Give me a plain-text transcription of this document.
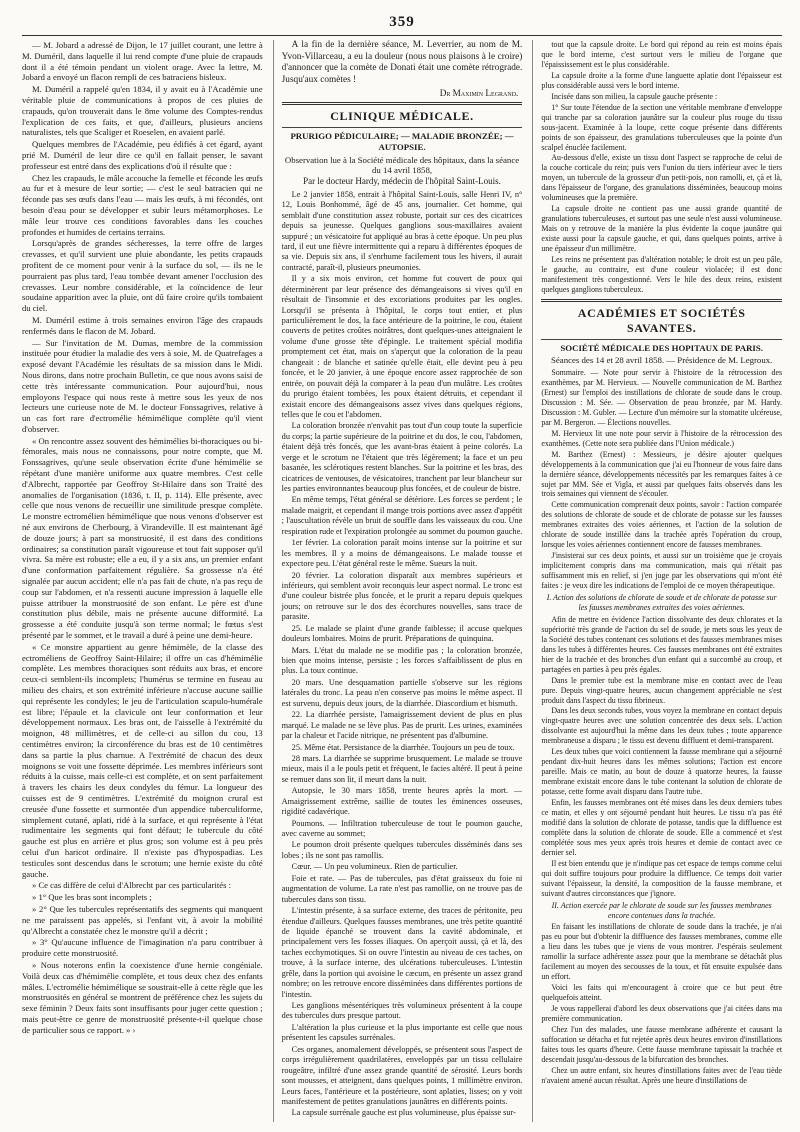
359

— M. Jobard a adressé de Dijon, le 17 juillet courant, une lettre à M. Duméril, dans laquelle il lui rend compte d'une pluie de crapauds dont il a été témoin pendant un violent orage. Avec la lettre, M. Jobard a envoyé un flacon rempli de ces batraciens bisleux.

M. Duméril a rappelé qu'en 1834, il y avait eu à l'Académie une véritable pluie de communications à propos de ces pluies de crapauds, qu'on trouverait dans le 8me volume des Comptes-rendus l'explication de ces faits, et que, d'ailleurs, plusieurs anciens naturalistes, tels que Scaliger et Roeselen, en avaient parlé.

Quelques membres de l'Académie, peu édifiés à cet égard, ayant prié M. Duméril de leur dire ce qu'il en fallait penser, le savant professeur est entré dans des explications d'où il résulte que :

Chez les crapauds, le mâle accouche la femelle et féconde les œufs au fur et à mesure de leur sortie; — c'est le seul batracien qui ne féconde pas ses œufs dans l'eau — mais les œufs, à mi fécondés, ont besoin d'eau pour se développer et subir leurs métamorphoses. Le mâle leur trouve ces conditions favorables dans les couches profondes et humides de certains terrains.

Lorsqu'après de grandes sécheresses, la terre offre de larges crevasses, et qu'il survient une pluie abondante, les petits crapauds profitent de ce moment pour venir à la surface du sol, — ils ne le pourraient pas plus tard, l'eau tombée devant amener l'occlusion des crevasses. Leur nombre considérable, et la coïncidence de leur soudaine apparition avec la pluie, ont dû faire croire qu'ils tombaient du ciel.

M. Duméril estime à trois semaines environ l'âge des crapauds renfermés dans le flacon de M. Jobard.

— Sur l'invitation de M. Dumas, membre de la commission instituée pour étudier la maladie des vers à soie, M. de Quatrefages a exposé devant l'Académie les résultats de sa mission dans le Midi. Nous dirons, dans notre prochain Bulletin, ce que nous avons saisi de cette très intéressante communication. Pour aujourd'hui, nous employons l'espace qui nous reste à mettre sous les yeux de nos lecteurs une curieuse note de M. le docteur Fonssagrives, relative à un cas fort rare d'ectromélie hémimélique complète qu'il vient d'observer.

« On rencontre assez souvent des hémimélies bi-thoraciques ou bi-fémorales, mais nous ne connaissons, pour notre compte, que M. Fonssagrives, qu'une seule observation écrite d'une hémimélie se répétant d'une manière uniforme aux quatre membres. C'est celle d'Albrecht, rapportée par Geoffroy St-Hilaire dans son Traité des anomalies de l'organisation (1836, t. II, p. 114). Elle présente, avec celle que nous venons de recueillir une similitude presque complète. Le monstre ectromélien hémimélique que nous venons d'observer est né aux environs de Cherbourg, à Virandeville. Il est maintenant âgé de douze jours; à part sa monstruosité, il est dans des conditions ordinaires; sa constitution paraît vigoureuse et tout fait supposer qu'il vivra. Sa mère est robuste; elle a eu, il y a six ans, un premier enfant d'une conformation parfaitement régulière. Sa grossesse n'a été signalée par aucun accident; elle n'a pas fait de chute, n'a pas reçu de coup sur l'abdomen, et n'a ressenti aucune impression à laquelle elle puisse attribuer la monstruosité de son enfant. Le père est d'une constitution plus débile, mais ne présente aucune difformité. La grossesse a été conduite jusqu'à son terme normal; le fœtus s'est présenté par le sommet, et le travail a duré à peine une demi-heure.

« Ce monstre appartient au genre hémimèle, de la classe des ectroméliens de Geoffroy Saint-Hilaire; il offre un cas d'hémimélie complète. Les membres thoraciques sont réduits aux bras, et encore ceux-ci semblent-ils incomplets; l'humérus se termine en fuseau au milieu des chairs, et son extrémité inférieure n'accuse aucune saillie qui représente les condyles; le jeu de l'articulation scapulo-humérale est libre; l'épaule et la clavicule ont leur conformation et leur développement normaux. Les bras ont, de l'aisselle à l'extrémité du moignon, 48 millimètres, et de celle-ci au sillon du cou, 13 centimètres environ; la circonférence du bras est de 10 centimètres dans sa partie la plus charnue. A l'extrémité de chacun des deux moignons se voit une fossette déprimée. Les membres inférieurs sont réduits à la cuisse, mais celle-ci est complète, et on sent parfaitement à travers les chairs les deux condyles du fémur. La longueur des cuisses est de 9 centimètres. L'extrémité du moignon crural est creusée d'une fossette et surmontée d'un appendice tuberculiforme, simplement cutané, aplati, ridé à la surface, et qui représente à l'état rudimentaire les segments qui font défaut; le tubercule du côté gauche est plus en arrière et plus gros; son volume est à peu près celui d'un haricot ordinaire. Il n'existe pas d'hypospadias. Les testicules sont descendus dans le scrotum; une hernie existe du côté gauche.

» Ce cas diffère de celui d'Albrecht par ces particularités :

» 1° Que les bras sont incomplets ;

» 2° Que les tubercules représentatifs des segments qui manquent ne me paraissent pas appelés, si l'enfant vit, à avoir la mobilité qu'Albrecht a constatée chez le monstre qu'il a décrit ;

» 3° Qu'aucune influence de l'imagination n'a paru contribuer à produire cette monstruosité.

» Nous noterons enfin la coexistence d'une hernie congéniale. Voilà deux cas d'hémimélie complète, et tous deux chez des enfants mâles. L'ectromélie hémimélique se soustrait-elle à cette règle que les monstruosités en général se montrent de préférence chez les sujets du sexe féminin ? Deux faits sont insuffisants pour juger cette question ; mais peut-être ce genre de monstruosité présente-t-il quelque chose de particulier sous ce rapport. » ›

A la fin de la dernière séance, M. Leverrier, au nom de M. Yvon-Villarceau, a eu la douleur (nous nous plaisons à le croire) d'annoncer que la comète de Donati était une comète rétrograde. Jusqu'aux comètes !

Dr Maximin Legrand.
CLINIQUE MÉDICALE.
PRURIGO PÉDICULAIRE; — MALADIE BRONZÉE; — AUTOPSIE.
Observation lue à la Société médicale des hôpitaux, dans la séance du 14 avril 1858,
Par le docteur Hardy, médecin de l'hôpital Saint-Louis.

Le 2 janvier 1858, entrait à l'hôpital Saint-Louis, salle Henri IV, n° 12, Louis Bonhommé, âgé de 45 ans, journalier. Cet homme, qui semblait d'une constitution assez robuste, portait sur ces des cicatrices depuis sa jeunesse. Quelques ganglions sous-maxillaires avaient suppuré ; un vésicatoire fut appliqué au bras à cette époque. Un peu plus tard, il eut une fièvre intermittente qui a reparu à différentes époques de sa vie. Depuis six ans, il s'enrhume facilement tous les hivers, il aurait contracté, paraît-il, plusieurs pneumonies.

Il y a six mois environ, cet homme fut couvert de poux qui déterminèrent par leur présence des démangeaisons si vives qu'il en résultait de l'insomnie et des excoriations produites par les ongles. Lorsqu'il se présenta à l'hôpital, le corps tout entier, et plus particulièrement le dos, la face antérieure de la poitrine, le cou, étaient couverts de petites croûtes noirâtres, dont quelques-unes atteignaient le volume d'une grosse tête d'épingle. Le traitement spécial modifia promptement cet état, mais on s'aperçut que la coloration de la peau changeait : de blanche et satinée qu'elle était, elle devint peu à peu foncée, et le 20 janvier, à une époque encore assez rapprochée de son entrée, on pouvait déjà la comparer à la peau d'un mulâtre. Les croûtes du prurigo étaient tombées, les poux étaient détruits, et cependant il existait encore des démangeaisons assez vives dans quelques régions, telles que le cou et l'abdomen.

La coloration bronzée n'envahit pas tout d'un coup toute la superficie du corps; la partie supérieure de la poitrine et du dos, le cou, l'abdomen, étaient déjà très foncés, que les avant-bras étaient à peine colorés. La verge et le scrotum ne l'étaient que très légèrement; la face et un peu basanée, les sclérotiques restent blanches. Sur la poitrine et les bras, des cicatrices de ventouses, de vésicatoires, tranchent par leur blancheur sur les parties environnantes beaucoup plus foncées, et de couleur de bistre.

En même temps, l'état général se détériore. Les forces se perdent ; le malade maigrit, et cependant il mange trois portions avec assez d'appétit ; l'auscultation révèle un bruit de souffle dans les vaisseaux du cou. Une respiration rude et l'expiration prolongée au sommet du poumon gauche.

1er février. La coloration paraît moins intense sur la poitrine et sur les membres. Il y a moins de démangeaisons. Le malade tousse et expectore peu. L'état général reste le même. Sueurs la nuit.

20 février. La coloration disparaît aux membres supérieurs et inférieurs, qui semblent avoir reconquis leur aspect normal. Le tronc est d'une couleur bistrée plus foncée, et le prurit a reparu depuis quelques jours; on retrouve sur le dos des écorchures nouvelles, sans trace de parasite.

25. Le malade se plaint d'une grande faiblesse; il accuse quelques douleurs lombaires. Moins de prurit. Préparations de quinquina.

Mars. L'état du malade ne se modifie pas ; la coloration bronzée, bien que moins intense, persiste ; les forces s'affaiblissent de plus en plus. La toux continue.

20 mars. Une desquamation partielle s'observe sur les régions latérales du tronc. La peau n'en conserve pas moins le même aspect. Il est survenu, depuis deux jours, de la diarrhée. Diascordium et bismuth.

22. La diarrhée persiste, l'amaigrissement devient de plus en plus marqué. Le malade ne se lève plus. Pas de prurit. Les urines, examinées par la chaleur et l'acide nitrique, ne présentent pas d'albumine.

25. Même état. Persistance de la diarrhée. Toujours un peu de toux.

28 mars. La diarrhée se supprime brusquement. Le malade se trouve mieux, mais il a le pouls petit et fréquent, le facies altéré. Il peut à peine se remuer dans son lit, il meurt dans la nuit.

Autopsie, le 30 mars 1858, trente heures après la mort. — Amaigrissement extrême, saillie de toutes les éminences osseuses, rigidité cadavérique.

Poumons. — Infiltration tuberculeuse de tout le poumon gauche, avec caverne au sommet;

Le poumon droit présente quelques tubercules disséminés dans ses lobes ; ils ne sont pas ramollis.

Cœur. — Un peu volumineux. Rien de particulier.

Foie et rate. — Pas de tubercules, pas d'état graisseux du foie ni augmentation de volume. La rate n'est pas ramollie, on ne trouve pas de tubercules dans son tissu.

L'intestin présente, à sa surface externe, des traces de péritonite, peu étendue d'ailleurs. Quelques fausses membranes, une très petite quantité de liquide épanché se trouvent dans la cavité abdominale, et principalement vers les fosses iliaques. On aperçoit aussi, çà et là, des taches ecchymotiques. Si on ouvre l'intestin au niveau de ces taches, on trouve, à la surface interne, des ulcérations tuberculeuses. L'intestin grêle, dans la portion qui avoisine le cæcum, en présente un assez grand nombre; on les retrouve encore disséminées dans différentes portions de l'intestin.

Les ganglions mésentériques très volumineux présentent à la coupe des tubercules durs presque partout.

L'altération la plus curieuse et la plus importante est celle que nous présentent les capsules surrénales.

Ces organes, anomalement développés, se présentent sous l'aspect de corps irrégulièrement quadrilatères, enveloppés par un tissu cellulaire rougeâtre, infiltré d'une assez grande quantité de sérosité. Leurs bords sont mousses, et atteignent, dans quelques points, 1 millimètre environ. Leurs faces, l'antérieure et la postérieure, sont aplaties, lisses; on y voit manifestement de petites granulations jaunâtres en différents points.

La capsule surrénale gauche est plus volumineuse, plus épaisse sur-

tout que la capsule droite. Le bord qui répond au rein est moins épais que le bord interne, c'est surtout vers le milieu de l'organe que l'épaississement est le plus considérable.

La capsule droite a la forme d'une languette aplatie dont l'épaisseur est plus considérable aussi vers le bord interne.

Incisée dans son milieu, la capsule gauche présente :

1° Sur toute l'étendue de la section une véritable membrane d'enveloppe qui tranche par sa coloration jaunâtre sur la couleur plus rouge du tissu sous-jacent. Examinée à la loupe, cette coque présente dans différents points de son épaisseur, des granulations tuberculeuses que la pointe d'un scalpel énuclée facilement.

Au-dessous d'elle, existe un tissu dont l'aspect se rapproche de celui de la couche corticale du rein; puis vers l'union du tiers inférieur avec le tiers moyen, un tubercule de la grosseur d'un petit-pois, non ramolli, et, çà et là, dans l'épaisseur de l'organe, des granulations disséminées, beaucoup moins volumineuses que la première.

La capsule droite ne contient pas une aussi grande quantité de granulations tuberculeuses, et surtout pas une seule n'est aussi volumineuse. Mais on y retrouve de la manière la plus évidente la coque jaunâtre qui existe aussi pour la capsule gauche, et qui, dans quelques points, arrive à une épaisseur d'un millimètre.

Les reins ne présentent pas d'altération notable; le droit est un peu pâle, le gauche, au contraire, est d'une couleur violacée; il est donc manifestement très congestionné. Vers le hile des deux reins, existent quelques ganglions tuberculeux.

ACADÉMIES ET SOCIÉTÉS SAVANTES.
SOCIÉTÉ MÉDICALE DES HOPITAUX DE PARIS.
Séances des 14 et 28 avril 1858. — Présidence de M. Legroux.

Sommaire. — Note pour servir à l'histoire de la rétrocession des exanthèmes, par M. Hervieux. — Nouvelle communication de M. Barthez (Ernest) sur l'emploi des instillations de chlorate de soude dans le croup. Discussion : M. Sée. — Observation de peau bronzée, par M. Hardy. Discussion : M. Gubler. — Lecture d'un mémoire sur la stomatite ulcéreuse, par M. Bergeron. — Élections nouvelles.

M. Hervieux lit une note pour servir à l'histoire de la rétrocession des exanthèmes. (Cette note sera publiée dans l'Union médicale.)

M. Barthez (Ernest) : Messieurs, je désire ajouter quelques développements à la communication que j'ai eu l'honneur de vous faire dans la dernière séance, développements nécessités par les remarques faites à ce sujet par MM. Sée et Vigla, et aussi par quelques faits observés dans les trois semaines qui viennent de s'écouler.

Cette communication comprenait deux points, savoir : l'action comparée des solutions de chlorate de soude et de chlorate de potasse sur les fausses membranes extraites des voies aériennes, et l'action de la solution de chlorate de soude instillée dans la trachée après l'opération du croup, lorsque les voies aériennes contiennent encore de fausses membranes.

J'insisterai sur ces deux points, et aussi sur un troisième que je croyais implicitement compris dans ma communication, mais qui n'était pas suffisamment mis en relief, si j'en juge par les observations qui m'ont été faites : je veux dire les indications de l'emploi de ce moyen thérapeutique.

I. Action des solutions de chlorate de soude et de chlorate de potasse sur les fausses membranes extraites des voies aériennes.

Afin de mettre en évidence l'action dissolvante des deux chlorates et la supériorité très grande de l'action du sel de soude, je mets sous les yeux de la Société des tubes contenant ces solutions et des fausses membranes mises dans les tubes à différentes heures. Ces fausses membranes ont été extraites hier de la trachée et des bronches d'un enfant qui a succombé au croup, et partagées en parties à peu près égales.

Dans le premier tube est la membrane mise en contact avec de l'eau pure. Depuis vingt-quatre heures, aucun changement appréciable ne s'est produit dans l'aspect du tissu fibrineux.

Dans les deux seconds tubes, vous voyez la membrane en contact depuis vingt-quatre heures avec une solution concentrée des deux sels. L'action dissolvante est aujourd'hui la même dans les deux tubes ; toute apparence membraneuse a disparu ; le tissu est devenu diffluent et demi-transparent.

Les deux tubes que voici contiennent la fausse membrane qui a séjourné pendant dix-huit heures dans les mêmes solutions; l'action est encore pareille. Mais ce matin, au bout de douze à quatorze heures, la fausse membrane existait encore dans le tube contenant la solution de chlorate de potasse, cette forme avait disparu dans l'autre tube.

Enfin, les fausses membranes ont été mises dans les deux derniers tubes ce matin, et elles y ont séjourné pendant huit heures. Le tissu n'a pas été modifié dans la solution de chlorate de potasse, tandis que la diffluence est complète dans la solution de chlorate de soude. Elle a commencé et s'est complétée sous mes yeux après trois heures et demie de contact avec ce dernier sel.

Il est bien entendu que je n'indique pas cet espace de temps comme celui qui doit suffire toujours pour produire la diffluence. Ce temps doit varier suivant l'épaisseur, la densité, la composition de la fausse membrane, et suivant d'autres circonstances que j'ignore.

II. Action exercée par le chlorate de soude sur les fausses membranes encore contenues dans la trachée.

En faisant les instillations de chlorate de soude dans la trachée, je n'ai pas eu pour but d'obtenir la diffluence des fausses membranes, comme elle a lieu dans les tubes que je viens de vous montrer. J'espérais seulement ramollir la surface adhérente assez pour que la membrane se détachât plus facilement au moyen des secousses de la toux, et fût ensuite expulsée dans un effort.

Voici les faits qui m'encouragent à croire que ce but peut être quelquefois atteint.

Je vous rappellerai d'abord les deux observations que j'ai citées dans ma première communication.

Chez l'un des malades, une fausse membrane adhérente et causant la suffocation se détacha et fut rejetée après deux heures environ d'instillations faites tous les quarts d'heure. Cette fausse membrane tapissait la trachée et descendait jusqu'au-dessous de la bifurcation des bronches.

Chez un autre enfant, six heures d'instillations faites avec de l'eau tiède n'avaient amené aucun résultat. Après une heure d'instillations de
